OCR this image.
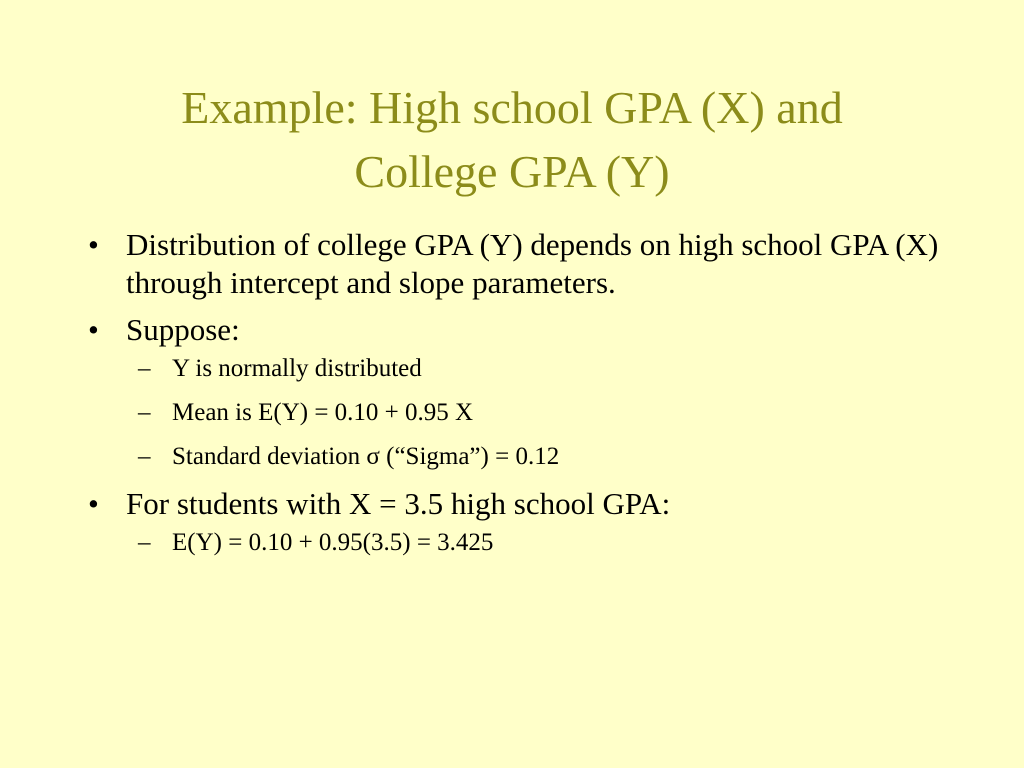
Example: High school GPA (X) and
College GPA (Y)
• Distribution of college GPA (Y) depends on high school GPA (X) through intercept and slope parameters.
• Suppose:
– Y is normally distributed
– Mean is E(Y) = 0.10 + 0.95 X
– Standard deviation σ (“Sigma”) = 0.12
• For students with X = 3.5 high school GPA:
– E(Y) = 0.10 + 0.95(3.5) = 3.425
